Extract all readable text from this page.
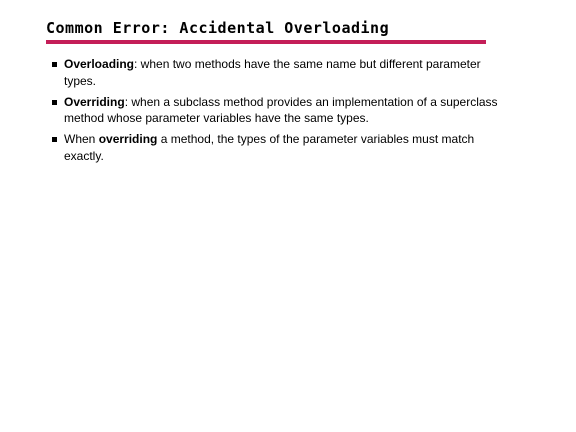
Common Error: Accidental Overloading
Overloading: when two methods have the same name but different parameter types.
Overriding: when a subclass method provides an implementation of a superclass method whose parameter variables have the same types.
When overriding a method, the types of the parameter variables must match exactly.
